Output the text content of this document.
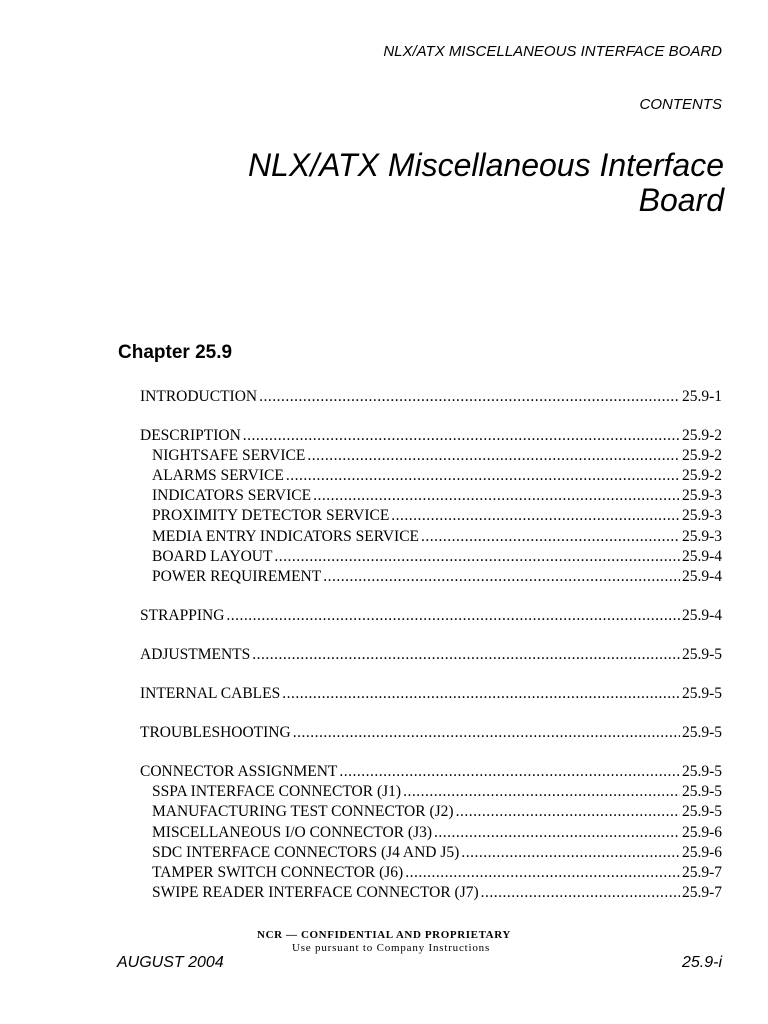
NLX/ATX MISCELLANEOUS INTERFACE BOARD
CONTENTS
NLX/ATX Miscellaneous Interface
Board
Chapter 25.9
INTRODUCTION .....	25.9-1
DESCRIPTION .....	25.9-2
NIGHTSAFE SERVICE .....	25.9-2
ALARMS SERVICE .....	25.9-2
INDICATORS SERVICE .....	25.9-3
PROXIMITY DETECTOR SERVICE .....	25.9-3
MEDIA ENTRY INDICATORS SERVICE .....	25.9-3
BOARD LAYOUT .....	25.9-4
POWER REQUIREMENT .....	25.9-4
STRAPPING .....	25.9-4
ADJUSTMENTS .....	25.9-5
INTERNAL CABLES .....	25.9-5
TROUBLESHOOTING .....	25.9-5
CONNECTOR ASSIGNMENT .....	25.9-5
SSPA INTERFACE CONNECTOR (J1) .....	25.9-5
MANUFACTURING TEST CONNECTOR (J2) .....	25.9-5
MISCELLANEOUS I/O CONNECTOR (J3) .....	25.9-6
SDC INTERFACE CONNECTORS (J4 AND J5) .....	25.9-6
TAMPER SWITCH CONNECTOR (J6) .....	25.9-7
SWIPE READER INTERFACE CONNECTOR (J7) .....	25.9-7
NCR — CONFIDENTIAL AND PROPRIETARY
Use pursuant to Company Instructions
AUGUST 2004	25.9-i
